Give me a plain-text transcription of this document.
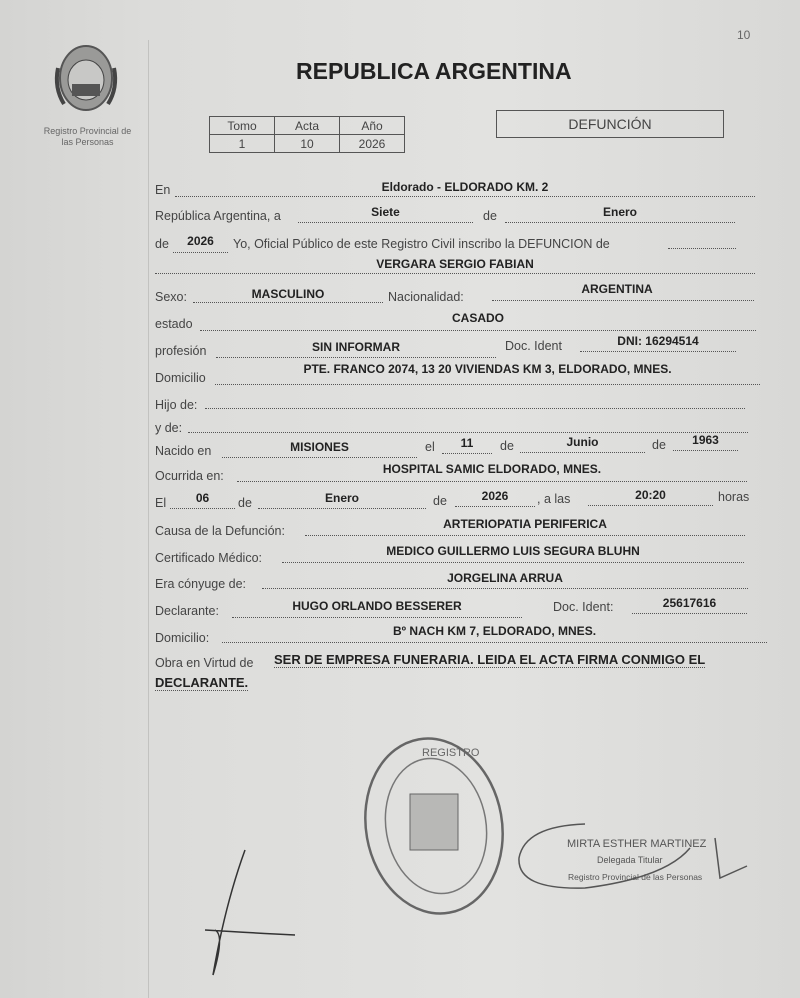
10
Registro Provincial de
las Personas
REPUBLICA ARGENTINA
Tomo	Acta	Año
1	10	2026
DEFUNCIÓN
En	Eldorado - ELDORADO KM. 2
República Argentina, a	Siete	de	Enero
de	2026	Yo, Oficial Público de este Registro Civil inscribo la DEFUNCION de
VERGARA SERGIO FABIAN
Sexo:	MASCULINO	Nacionalidad:
ARGENTINA
estado	CASADO
profesión	SIN INFORMAR	Doc. Ident	DNI: 16294514
Domicilio
PTE. FRANCO 2074, 13 20 VIVIENDAS KM 3, ELDORADO, MNES.
Hijo de:
y de:
Nacido en	MISIONES	el	11	de	Junio	de	1963
Ocurrida en:	HOSPITAL SAMIC ELDORADO, MNES.
El	06	de	Enero	de	2026	, a las	20:20	horas
Causa de la Defunción:	ARTERIOPATIA PERIFERICA
Certificado Médico:	MEDICO GUILLERMO LUIS SEGURA BLUHN
Era cónyuge de:	JORGELINA ARRUA
Declarante:	HUGO ORLANDO BESSERER	Doc. Ident:	25617616
Domicilio:	Bº NACH KM 7, ELDORADO, MNES.
Obra en Virtud de SER DE EMPRESA FUNERARIA. LEIDA EL ACTA FIRMA CONMIGO EL
DECLARANTE.
REGISTRO
MIRTA ESTHER MARTINEZ
Delegada Titular
Registro Provincial de las Personas
